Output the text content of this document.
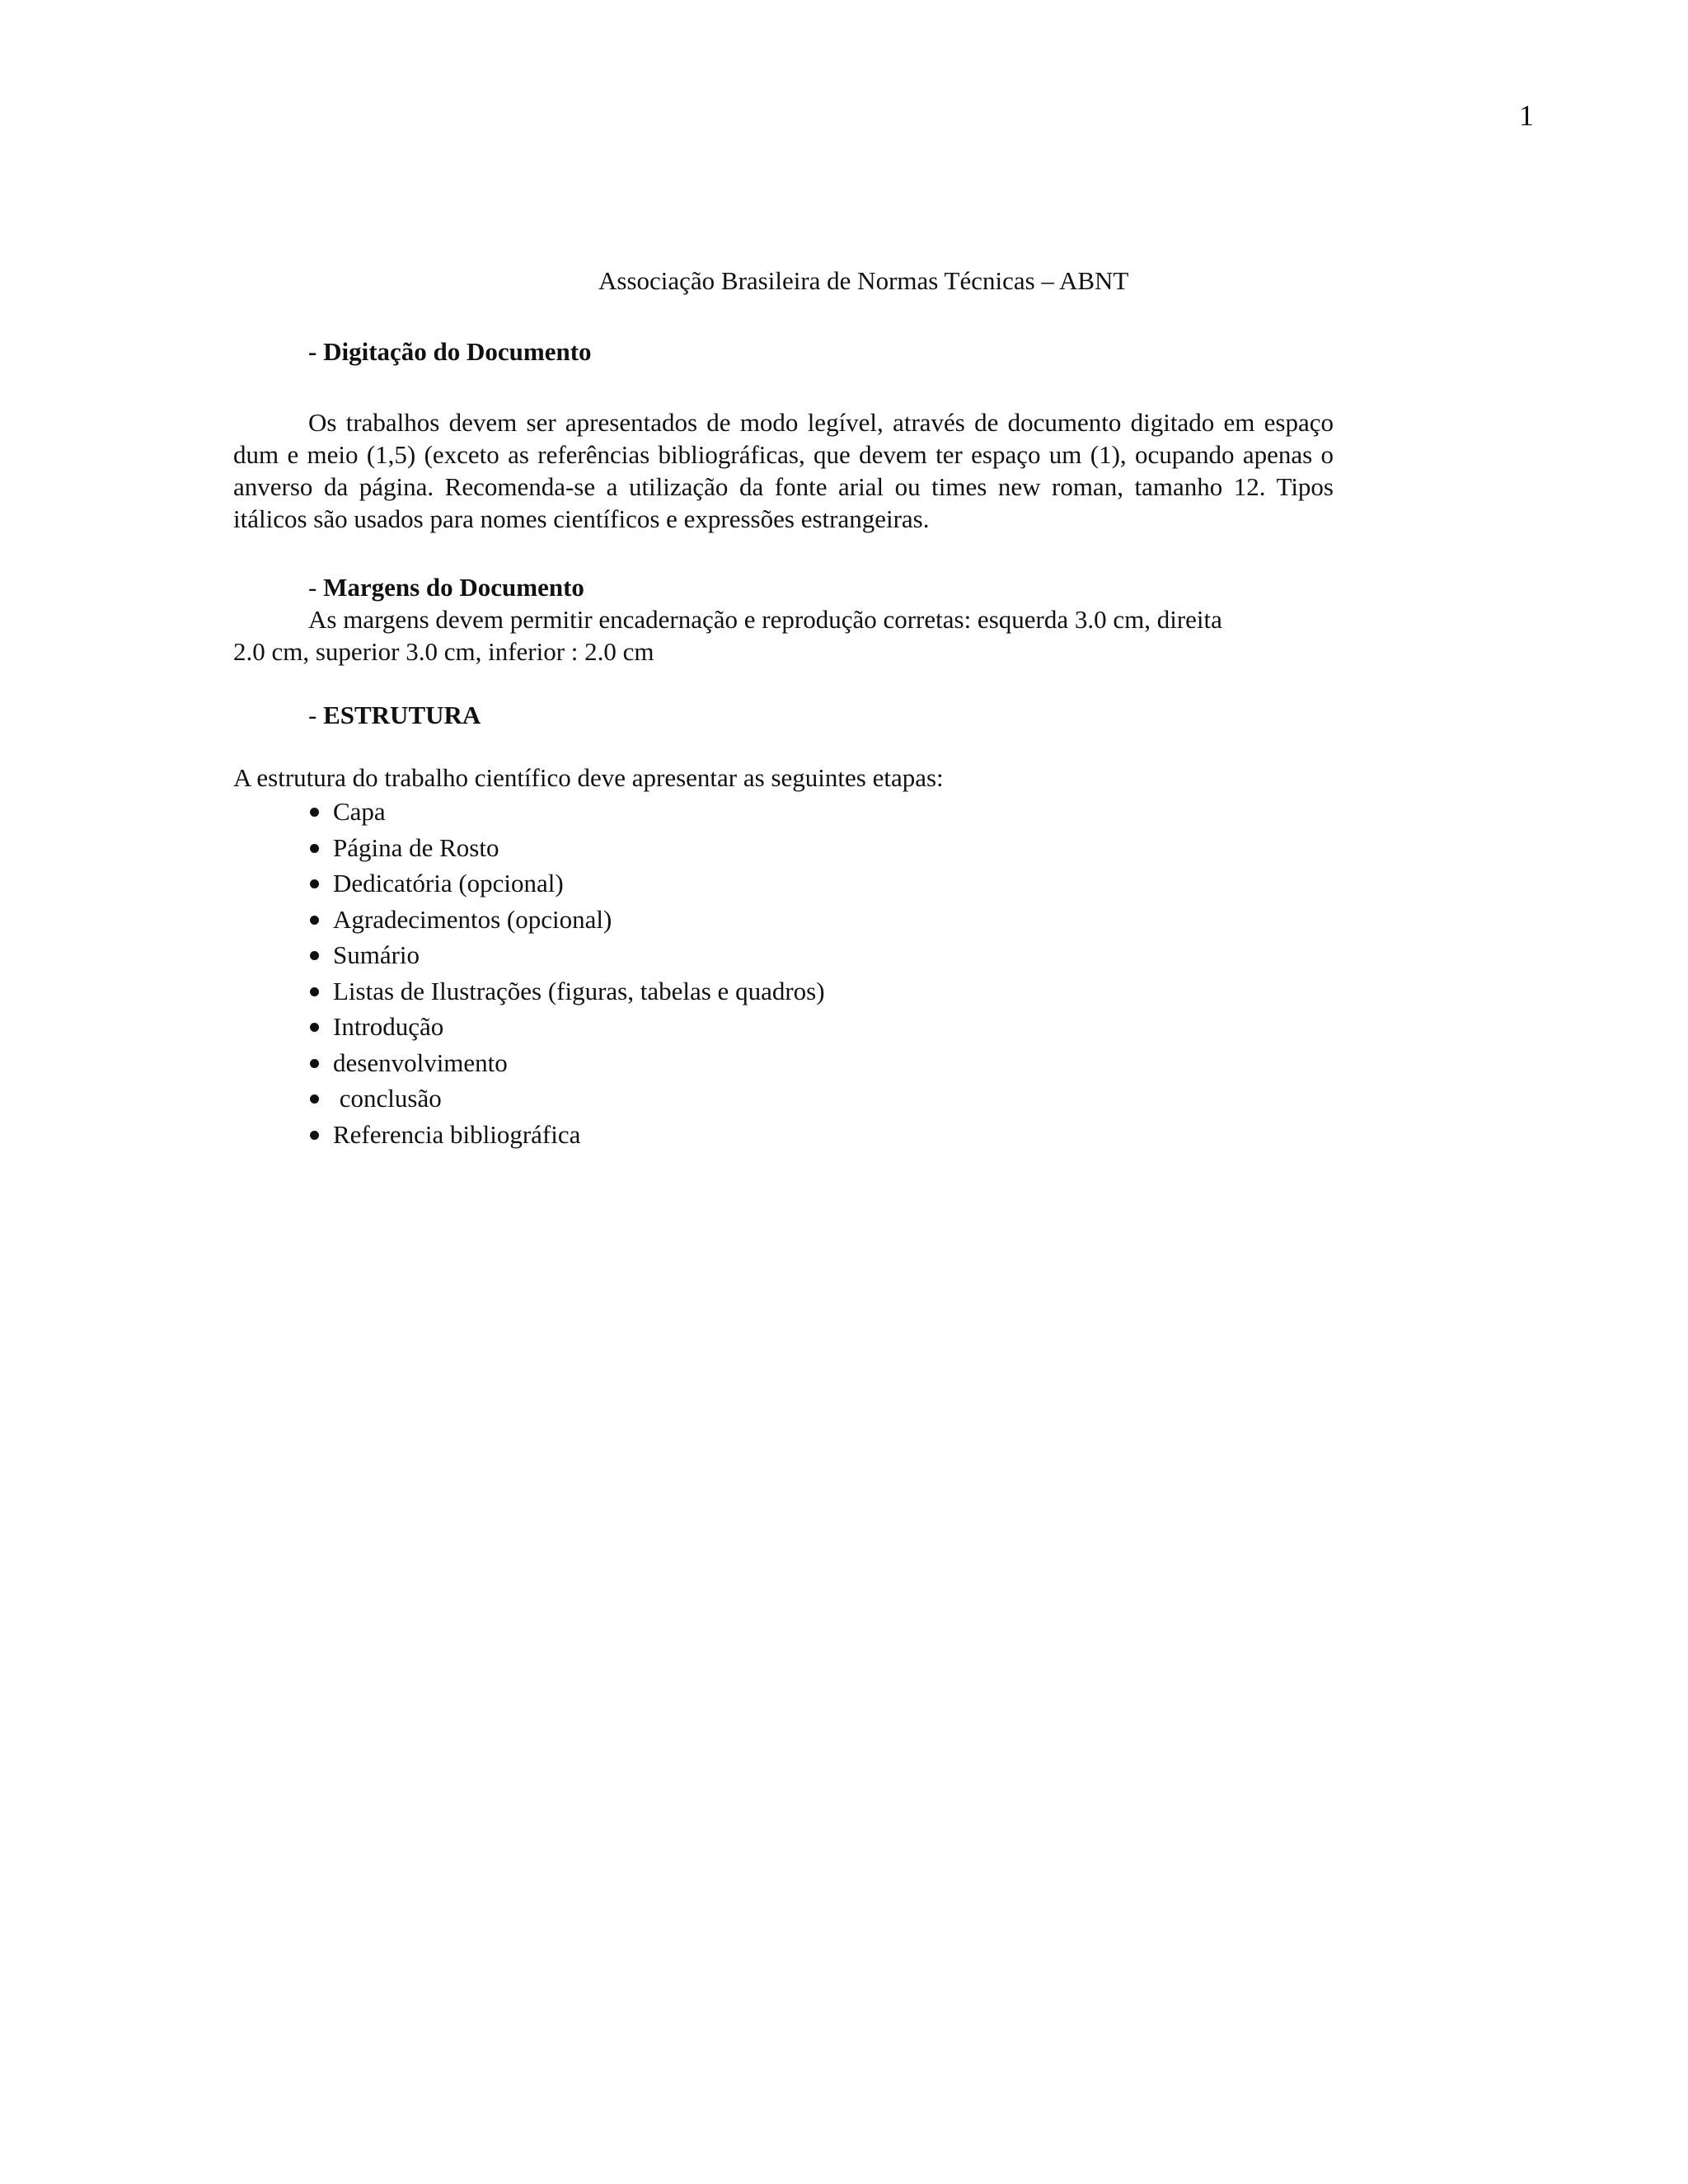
1
Associação Brasileira de Normas Técnicas – ABNT
- Digitação do Documento
Os trabalhos devem ser apresentados de modo legível, através de documento digitado em espaço dum e meio (1,5) (exceto as referências bibliográficas, que devem ter espaço um (1), ocupando apenas o anverso da página. Recomenda-se a utilização da fonte arial ou times new roman, tamanho 12. Tipos itálicos são usados para nomes científicos e expressões estrangeiras.
- Margens do Documento
As margens devem permitir encadernação e reprodução corretas: esquerda 3.0 cm, direita
2.0 cm, superior 3.0 cm, inferior : 2.0 cm
- ESTRUTURA
A estrutura do trabalho científico deve apresentar as seguintes etapas:
Capa
Página de Rosto
Dedicatória (opcional)
Agradecimentos (opcional)
Sumário
Listas de Ilustrações (figuras, tabelas e quadros)
Introdução
desenvolvimento
conclusão
Referencia bibliográfica
